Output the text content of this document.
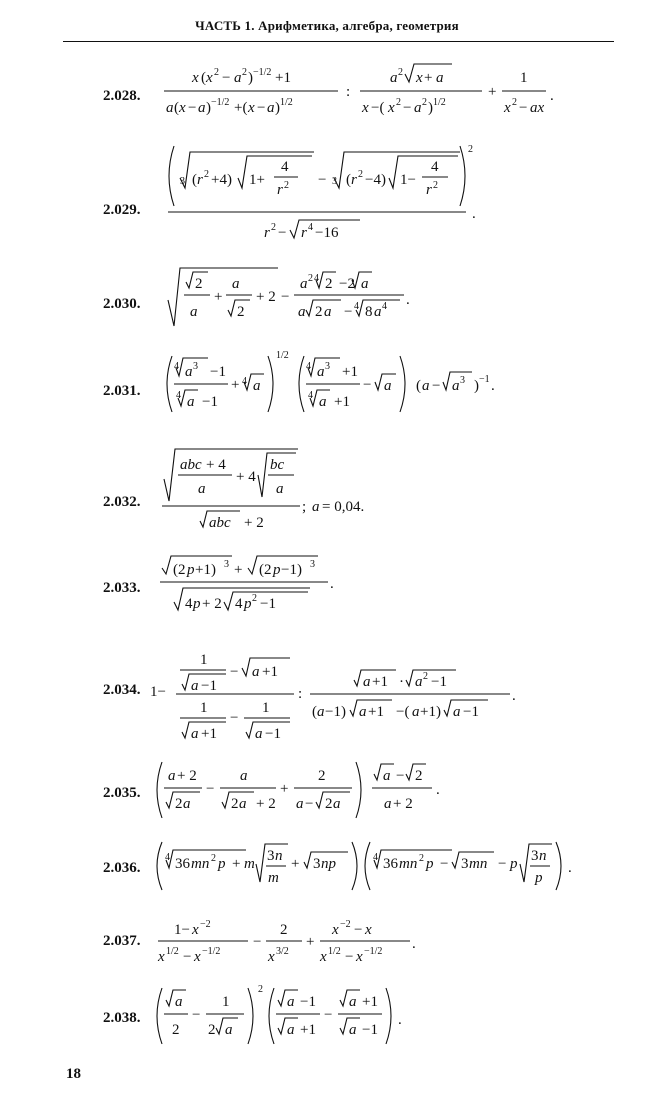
ЧАСТЬ 1. Арифметика, алгебра, геометрия
2.028.
x ( x 2 − a 2 ) −1/2 +1
a ( x − a ) −1/2 +( x − a ) 1/2
:
a 2 x + a
x −( x 2 − a 2 ) 1/2
+
1
x 2 − ax
.
2.029.
3 ( r 2 +4) 1+
4
r 2 − 3 ( r 2 −4) 1−
4
r 2
2
r 2 − r 4 −16
.
2.030.
2
a
+
a
2
+ 2 −
a 2 4 2 −2 a
a 2 a − 4 8 a 4 .
2.031.
4 a 3 −1
4 a −1
+ 4 a
1/2
4 a 3 +1
4 a +1
− a ( a − a 3 ) −1 .
2.032.
abc + 4
a
+ 4
bc
a
abc + 2
; a = 0,04.
2.033.
(2 p +1) 3 + (2 p −1) 3
4 p + 2 4 p 2 −1
.
2.034. 1−
1
a −1
− a +1
1
a +1
−
1
a −1
:
a +1 · a 2 −1
( a −1) a +1 −( a +1) a −1
.
2.035.
a + 2
2 a
−
a
2 a + 2
+
2
a − 2 a
a − 2
a + 2
.
2.036.
4 36 mn 2 p + m 3 n
m
+ 3 np	4 36 mn 2 p − 3 mn − p 3 n
p
.
2.037.
1− x −2
x 1/2 − x −1/2
−
2
x 3/2
+
x −2 − x
x 1/2 − x −1/2 .
2.038.
a
2
−
1
2 a
2
a −1
a +1
−
a +1
a −1
.
18
